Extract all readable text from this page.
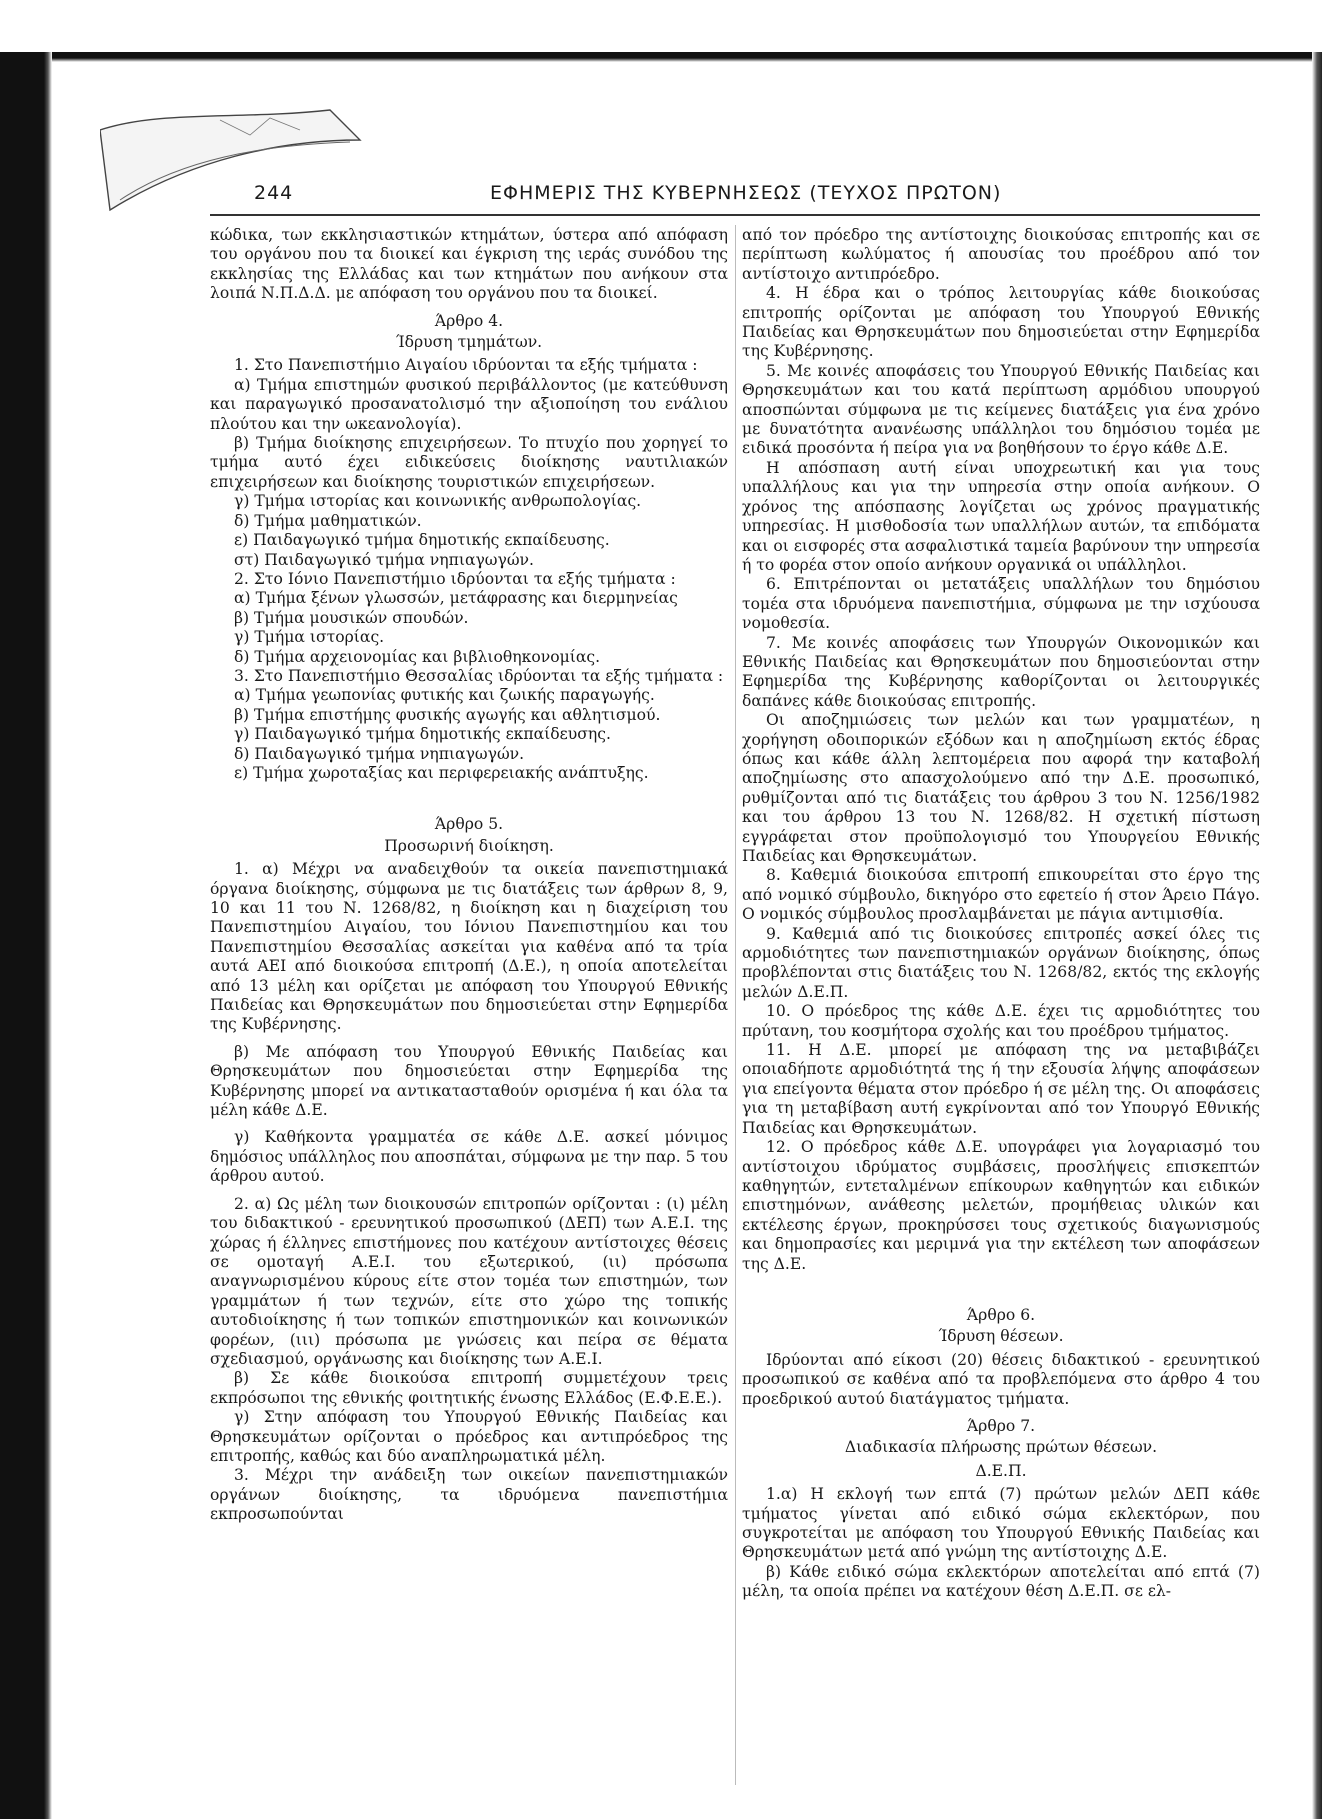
244	ΕΦΗΜΕΡΙΣ ΤΗΣ ΚΥΒΕΡΝΗΣΕΩΣ (ΤΕΥΧΟΣ ΠΡΩΤΟΝ)

κώδικα, των εκκλησιαστικών κτημάτων, ύστερα από απόφαση του οργάνου που τα διοικεί και έγκριση της ιεράς συνόδου της εκκλησίας της Ελλάδας και των κτημάτων που ανήκουν στα λοιπά Ν.Π.Δ.Δ. με απόφαση του οργάνου που τα διοικεί.

Άρθρο 4.

Ίδρυση τμημάτων.

1. Στο Πανεπιστήμιο Αιγαίου ιδρύονται τα εξής τμήματα :

α) Τμήμα επιστημών φυσικού περιβάλλοντος (με κατεύθυνση και παραγωγικό προσανατολισμό την αξιοποίηση του ενάλιου πλούτου και την ωκεανολογία).

β) Τμήμα διοίκησης επιχειρήσεων. Το πτυχίο που χορηγεί το τμήμα αυτό έχει ειδικεύσεις διοίκησης ναυτιλιακών επιχειρήσεων και διοίκησης τουριστικών επιχειρήσεων.

γ) Τμήμα ιστορίας και κοινωνικής ανθρωπολογίας.

δ) Τμήμα μαθηματικών.

ε) Παιδαγωγικό τμήμα δημοτικής εκπαίδευσης.

στ) Παιδαγωγικό τμήμα νηπιαγωγών.

2. Στο Ιόνιο Πανεπιστήμιο ιδρύονται τα εξής τμήματα :

α) Τμήμα ξένων γλωσσών, μετάφρασης και διερμηνείας

β) Τμήμα μουσικών σπουδών.

γ) Τμήμα ιστορίας.

δ) Τμήμα αρχειονομίας και βιβλιοθηκονομίας.

3. Στο Πανεπιστήμιο Θεσσαλίας ιδρύονται τα εξής τμήματα :

α) Τμήμα γεωπονίας φυτικής και ζωικής παραγωγής.

β) Τμήμα επιστήμης φυσικής αγωγής και αθλητισμού.

γ) Παιδαγωγικό τμήμα δημοτικής εκπαίδευσης.

δ) Παιδαγωγικό τμήμα νηπιαγωγών.

ε) Τμήμα χωροταξίας και περιφερειακής ανάπτυξης.

Άρθρο 5.

Προσωρινή διοίκηση.

1. α) Μέχρι να αναδειχθούν τα οικεία πανεπιστημιακά όργανα διοίκησης, σύμφωνα με τις διατάξεις των άρθρων 8, 9, 10 και 11 του Ν. 1268/82, η διοίκηση και η διαχείριση του Πανεπιστημίου Αιγαίου, του Ιόνιου Πανεπιστημίου και του Πανεπιστημίου Θεσσαλίας ασκείται για καθένα από τα τρία αυτά ΑΕΙ από διοικούσα επιτροπή (Δ.Ε.), η οποία αποτελείται από 13 μέλη και ορίζεται με απόφαση του Υπουργού Εθνικής Παιδείας και Θρησκευμάτων που δημοσιεύεται στην Εφημερίδα της Κυβέρνησης.

β) Με απόφαση του Υπουργού Εθνικής Παιδείας και Θρησκευμάτων που δημοσιεύεται στην Εφημερίδα της Κυβέρνησης μπορεί να αντικατασταθούν ορισμένα ή και όλα τα μέλη κάθε Δ.Ε.

γ) Καθήκοντα γραμματέα σε κάθε Δ.Ε. ασκεί μόνιμος δημόσιος υπάλληλος που αποσπάται, σύμφωνα με την παρ. 5 του άρθρου αυτού.

2. α) Ως μέλη των διοικουσών επιτροπών ορίζονται : (ι) μέλη του διδακτικού - ερευνητικού προσωπικού (ΔΕΠ) των Α.Ε.Ι. της χώρας ή έλληνες επιστήμονες που κατέχουν αντίστοιχες θέσεις σε ομοταγή Α.Ε.Ι. του εξωτερικού, (ιι) πρόσωπα αναγνωρισμένου κύρους είτε στον τομέα των επιστημών, των γραμμάτων ή των τεχνών, είτε στο χώρο της τοπικής αυτοδιοίκησης ή των τοπικών επιστημονικών και κοινωνικών φορέων, (ιιι) πρόσωπα με γνώσεις και πείρα σε θέματα σχεδιασμού, οργάνωσης και διοίκησης των Α.Ε.Ι.

β) Σε κάθε διοικούσα επιτροπή συμμετέχουν τρεις εκπρόσωποι της εθνικής φοιτητικής ένωσης Ελλάδος (Ε.Φ.Ε.Ε.).

γ) Στην απόφαση του Υπουργού Εθνικής Παιδείας και Θρησκευμάτων ορίζονται ο πρόεδρος και αντιπρόεδρος της επιτροπής, καθώς και δύο αναπληρωματικά μέλη.

3. Μέχρι την ανάδειξη των οικείων πανεπιστημιακών οργάνων διοίκησης, τα ιδρυόμενα πανεπιστήμια εκπροσωπούνται

από τον πρόεδρο της αντίστοιχης διοικούσας επιτροπής και σε περίπτωση κωλύματος ή απουσίας του προέδρου από τον αντίστοιχο αντιπρόεδρο.

4. Η έδρα και ο τρόπος λειτουργίας κάθε διοικούσας επιτροπής ορίζονται με απόφαση του Υπουργού Εθνικής Παιδείας και Θρησκευμάτων που δημοσιεύεται στην Εφημερίδα της Κυβέρνησης.

5. Με κοινές αποφάσεις του Υπουργού Εθνικής Παιδείας και Θρησκευμάτων και του κατά περίπτωση αρμόδιου υπουργού αποσπώνται σύμφωνα με τις κείμενες διατάξεις για ένα χρόνο με δυνατότητα ανανέωσης υπάλληλοι του δημόσιου τομέα με ειδικά προσόντα ή πείρα για να βοηθήσουν το έργο κάθε Δ.Ε.

Η απόσπαση αυτή είναι υποχρεωτική και για τους υπαλλήλους και για την υπηρεσία στην οποία ανήκουν. Ο χρόνος της απόσπασης λογίζεται ως χρόνος πραγματικής υπηρεσίας. Η μισθοδοσία των υπαλλήλων αυτών, τα επιδόματα και οι εισφορές στα ασφαλιστικά ταμεία βαρύνουν την υπηρεσία ή το φορέα στον οποίο ανήκουν οργανικά οι υπάλληλοι.

6. Επιτρέπονται οι μετατάξεις υπαλλήλων του δημόσιου τομέα στα ιδρυόμενα πανεπιστήμια, σύμφωνα με την ισχύουσα νομοθεσία.

7. Με κοινές αποφάσεις των Υπουργών Οικονομικών και Εθνικής Παιδείας και Θρησκευμάτων που δημοσιεύονται στην Εφημερίδα της Κυβέρνησης καθορίζονται οι λειτουργικές δαπάνες κάθε διοικούσας επιτροπής.

Οι αποζημιώσεις των μελών και των γραμματέων, η χορήγηση οδοιπορικών εξόδων και η αποζημίωση εκτός έδρας όπως και κάθε άλλη λεπτομέρεια που αφορά την καταβολή αποζημίωσης στο απασχολούμενο από την Δ.Ε. προσωπικό, ρυθμίζονται από τις διατάξεις του άρθρου 3 του Ν. 1256/1982 και του άρθρου 13 του Ν. 1268/82. Η σχετική πίστωση εγγράφεται στον προϋπολογισμό του Υπουργείου Εθνικής Παιδείας και Θρησκευμάτων.

8. Καθεμιά διοικούσα επιτροπή επικουρείται στο έργο της από νομικό σύμβουλο, δικηγόρο στο εφετείο ή στον Άρειο Πάγο. Ο νομικός σύμβουλος προσλαμβάνεται με πάγια αντιμισθία.

9. Καθεμιά από τις διοικούσες επιτροπές ασκεί όλες τις αρμοδιότητες των πανεπιστημιακών οργάνων διοίκησης, όπως προβλέπονται στις διατάξεις του Ν. 1268/82, εκτός της εκλογής μελών Δ.Ε.Π.

10. Ο πρόεδρος της κάθε Δ.Ε. έχει τις αρμοδιότητες του πρύτανη, του κοσμήτορα σχολής και του προέδρου τμήματος.

11. Η Δ.Ε. μπορεί με απόφαση της να μεταβιβάζει οποιαδήποτε αρμοδιότητά της ή την εξουσία λήψης αποφάσεων για επείγοντα θέματα στον πρόεδρο ή σε μέλη της. Οι αποφάσεις για τη μεταβίβαση αυτή εγκρίνονται από τον Υπουργό Εθνικής Παιδείας και Θρησκευμάτων.

12. Ο πρόεδρος κάθε Δ.Ε. υπογράφει για λογαριασμό του αντίστοιχου ιδρύματος συμβάσεις, προσλήψεις επισκεπτών καθηγητών, εντεταλμένων επίκουρων καθηγητών και ειδικών επιστημόνων, ανάθεσης μελετών, προμήθειας υλικών και εκτέλεσης έργων, προκηρύσσει τους σχετικούς διαγωνισμούς και δημοπρασίες και μεριμνά για την εκτέλεση των αποφάσεων της Δ.Ε.

Άρθρο 6.

Ίδρυση θέσεων.

Ιδρύονται από είκοσι (20) θέσεις διδακτικού - ερευνητικού προσωπικού σε καθένα από τα προβλεπόμενα στο άρθρο 4 του προεδρικού αυτού διατάγματος τμήματα.

Άρθρο 7.

Διαδικασία πλήρωσης πρώτων θέσεων.

Δ.Ε.Π.

1.α) Η εκλογή των επτά (7) πρώτων μελών ΔΕΠ κάθε τμήματος γίνεται από ειδικό σώμα εκλεκτόρων, που συγκροτείται με απόφαση του Υπουργού Εθνικής Παιδείας και Θρησκευμάτων μετά από γνώμη της αντίστοιχης Δ.Ε.

β) Κάθε ειδικό σώμα εκλεκτόρων αποτελείται από επτά (7) μέλη, τα οποία πρέπει να κατέχουν θέση Δ.Ε.Π. σε ελ-
